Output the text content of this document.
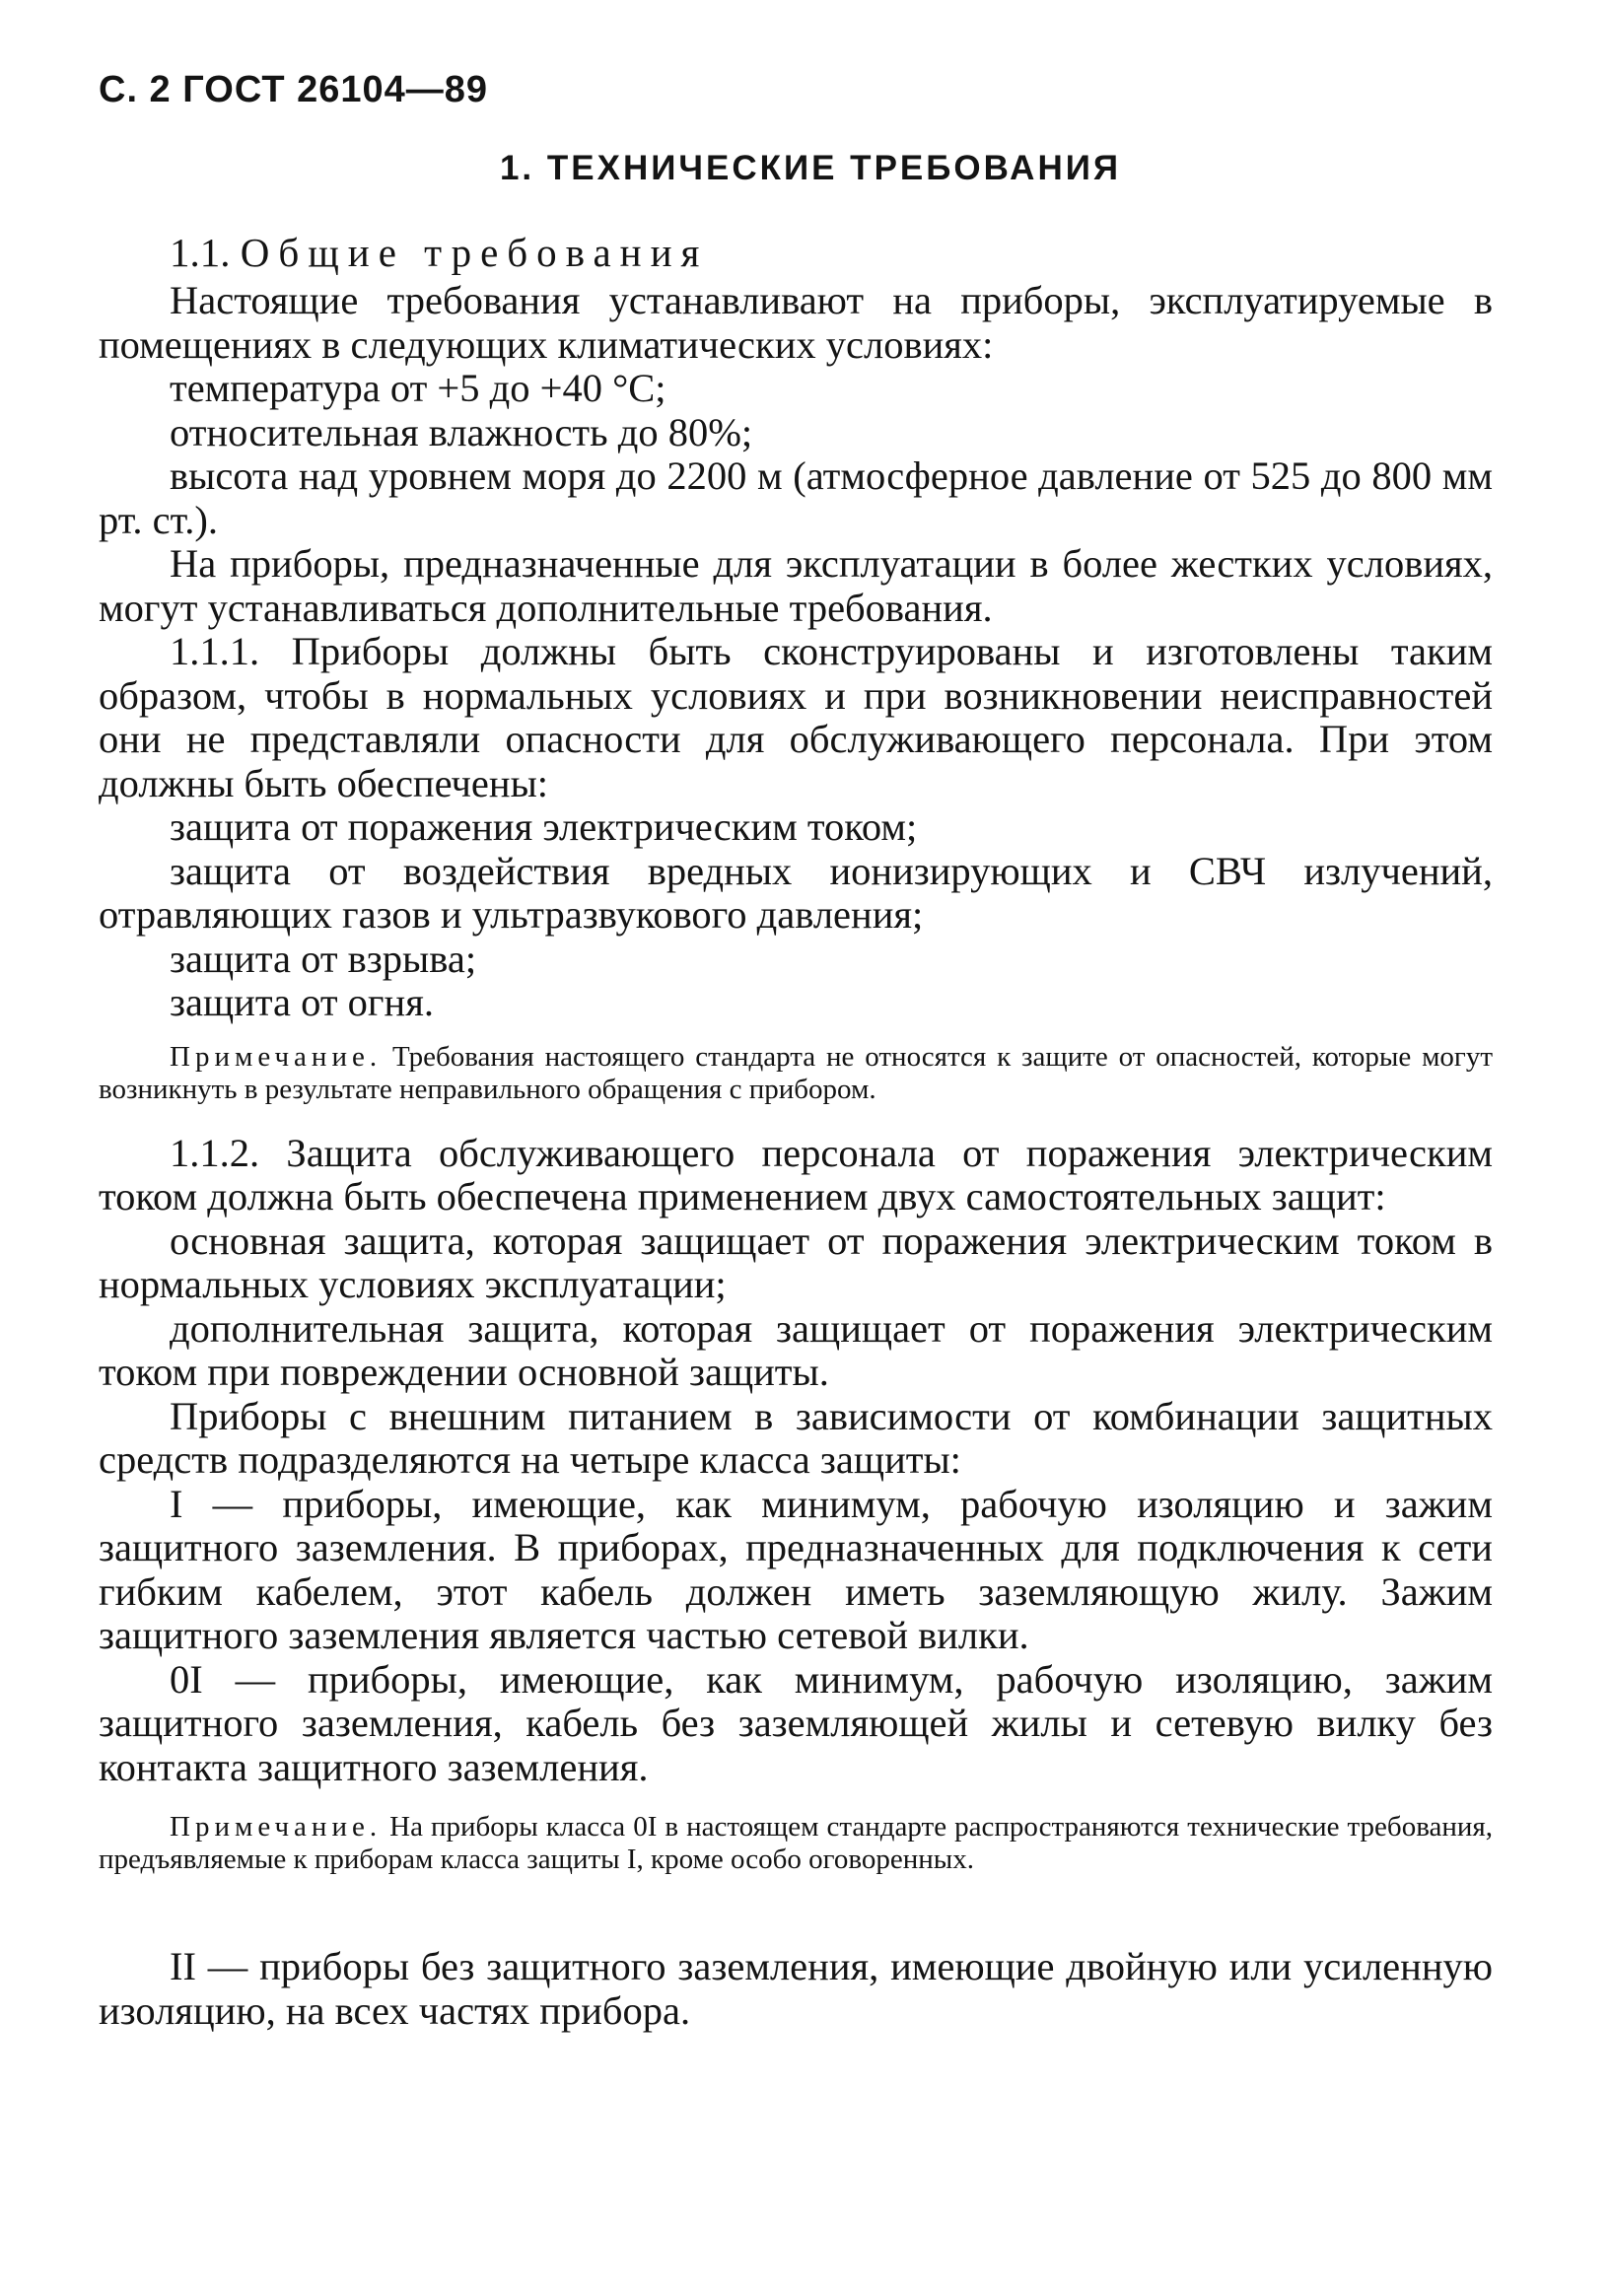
С. 2 ГОСТ 26104—89
1. ТЕХНИЧЕСКИЕ ТРЕБОВАНИЯ

1.1. Общие требования

Настоящие требования устанавливают на приборы, эксплуатируемые в помещениях в следующих климатических условиях:

температура от +5 до +40 °С;

относительная влажность до 80%;

высота над уровнем моря до 2200 м (атмосферное давление от 525 до 800 мм рт. ст.).

На приборы, предназначенные для эксплуатации в более жестких условиях, могут устанавливаться дополнительные требования.

1.1.1. Приборы должны быть сконструированы и изготовлены таким образом, чтобы в нормальных условиях и при возникновении неисправностей они не представляли опасности для обслуживающего персонала. При этом должны быть обеспечены:

защита от поражения электрическим током;

защита от воздействия вредных ионизирующих и СВЧ излучений, отравляющих газов и ультразвукового давления;

защита от взрыва;

защита от огня.

Примечание. Требования настоящего стандарта не относятся к защите от опасностей, которые могут возникнуть в результате неправильного обращения с прибором.

1.1.2. Защита обслуживающего персонала от поражения электрическим током должна быть обеспечена применением двух самостоятельных защит:

основная защита, которая защищает от поражения электрическим током в нормальных условиях эксплуатации;

дополнительная защита, которая защищает от поражения электрическим током при повреждении основной защиты.

Приборы с внешним питанием в зависимости от комбинации защитных средств подразделяются на четыре класса защиты:

I — приборы, имеющие, как минимум, рабочую изоляцию и зажим защитного заземления. В приборах, предназначенных для подключения к сети гибким кабелем, этот кабель должен иметь заземляющую жилу. Зажим защитного заземления является частью сетевой вилки.

0I — приборы, имеющие, как минимум, рабочую изоляцию, зажим защитного заземления, кабель без заземляющей жилы и сетевую вилку без контакта защитного заземления.

Примечание. На приборы класса 0I в настоящем стандарте распространяются технические требования, предъявляемые к приборам класса защиты I, кроме особо оговоренных.

II — приборы без защитного заземления, имеющие двойную или усиленную изоляцию, на всех частях прибора.
